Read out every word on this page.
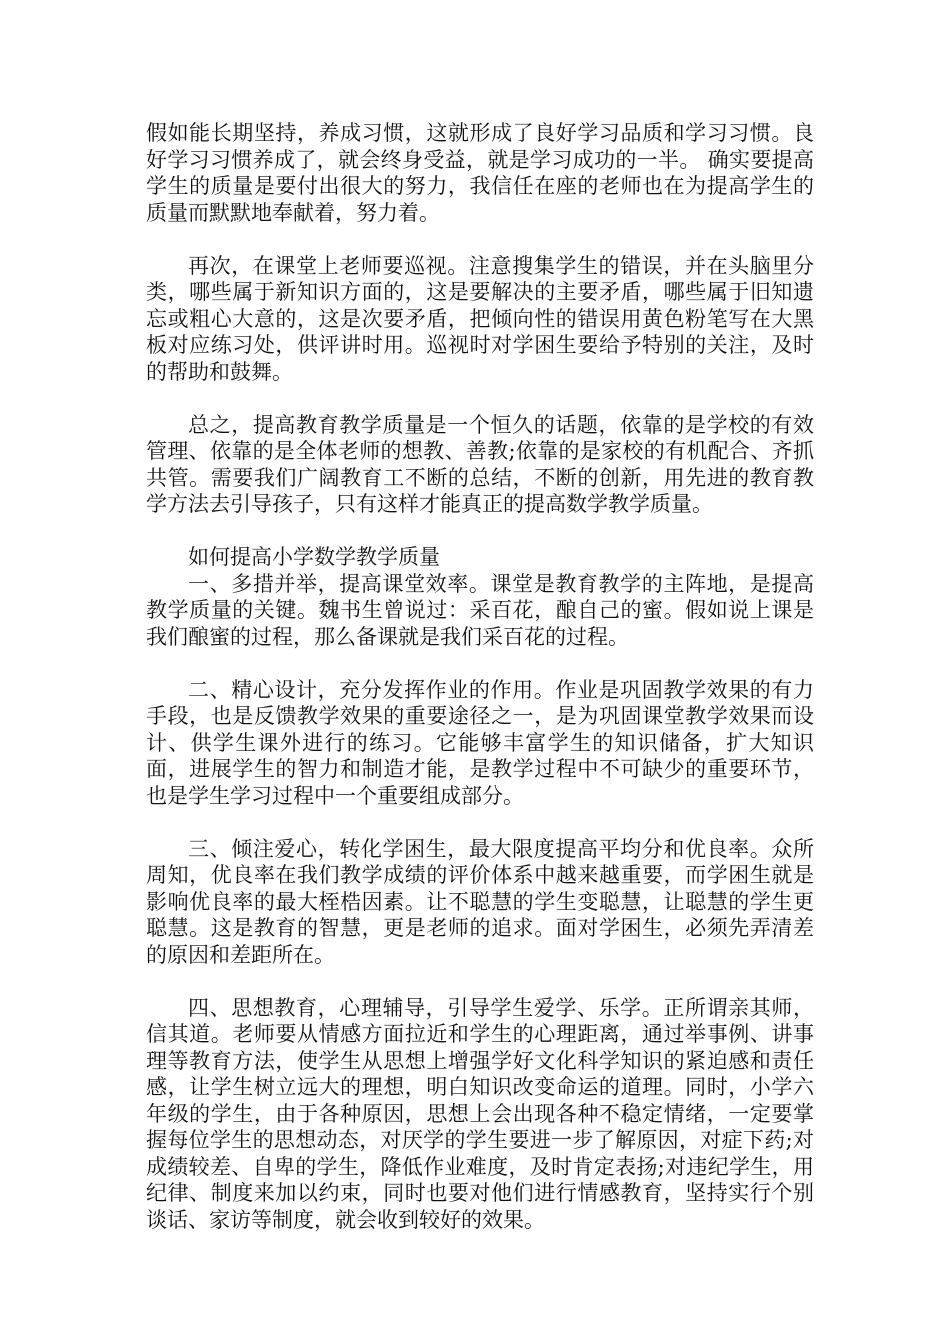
假如能长期坚持，养成习惯，这就形成了良好学习品质和学习习惯。良好学习习惯养成了，就会终身受益，就是学习成功的一半。 确实要提高学生的质量是要付出很大的努力，我信任在座的老师也在为提高学生的质量而默默地奉献着，努力着。

再次，在课堂上老师要巡视。注意搜集学生的错误，并在头脑里分类，哪些属于新知识方面的，这是要解决的主要矛盾，哪些属于旧知遗忘或粗心大意的，这是次要矛盾，把倾向性的错误用黄色粉笔写在大黑板对应练习处，供评讲时用。巡视时对学困生要给予特别的关注，及时的帮助和鼓舞。

总之，提高教育教学质量是一个恒久的话题，依靠的是学校的有效管理、依靠的是全体老师的想教、善教;依靠的是家校的有机配合、齐抓共管。需要我们广阔教育工不断的总结，不断的创新，用先进的教育教学方法去引导孩子，只有这样才能真正的提高数学教学质量。

如何提高小学数学教学质量

一、多措并举，提高课堂效率。课堂是教育教学的主阵地，是提高教学质量的关键。魏书生曾说过：采百花，酿自己的蜜。假如说上课是我们酿蜜的过程，那么备课就是我们采百花的过程。

二、精心设计，充分发挥作业的作用。作业是巩固教学效果的有力手段，也是反馈教学效果的重要途径之一，是为巩固课堂教学效果而设计、供学生课外进行的练习。它能够丰富学生的知识储备，扩大知识面，进展学生的智力和制造才能，是教学过程中不可缺少的重要环节，也是学生学习过程中一个重要组成部分。

三、倾注爱心，转化学困生，最大限度提高平均分和优良率。众所周知，优良率在我们教学成绩的评价体系中越来越重要，而学困生就是影响优良率的最大桎梏因素。让不聪慧的学生变聪慧，让聪慧的学生更聪慧。这是教育的智慧，更是老师的追求。面对学困生，必须先弄清差的原因和差距所在。

四、思想教育，心理辅导，引导学生爱学、乐学。正所谓亲其师，信其道。老师要从情感方面拉近和学生的心理距离，通过举事例、讲事理等教育方法，使学生从思想上增强学好文化科学知识的紧迫感和责任感，让学生树立远大的理想，明白知识改变命运的道理。同时，小学六年级的学生，由于各种原因，思想上会出现各种不稳定情绪，一定要掌握每位学生的思想动态，对厌学的学生要进一步了解原因，对症下药;对成绩较差、自卑的学生，降低作业难度，及时肯定表扬;对违纪学生，用纪律、制度来加以约束，同时也要对他们进行情感教育，坚持实行个别谈话、家访等制度，就会收到较好的效果。
